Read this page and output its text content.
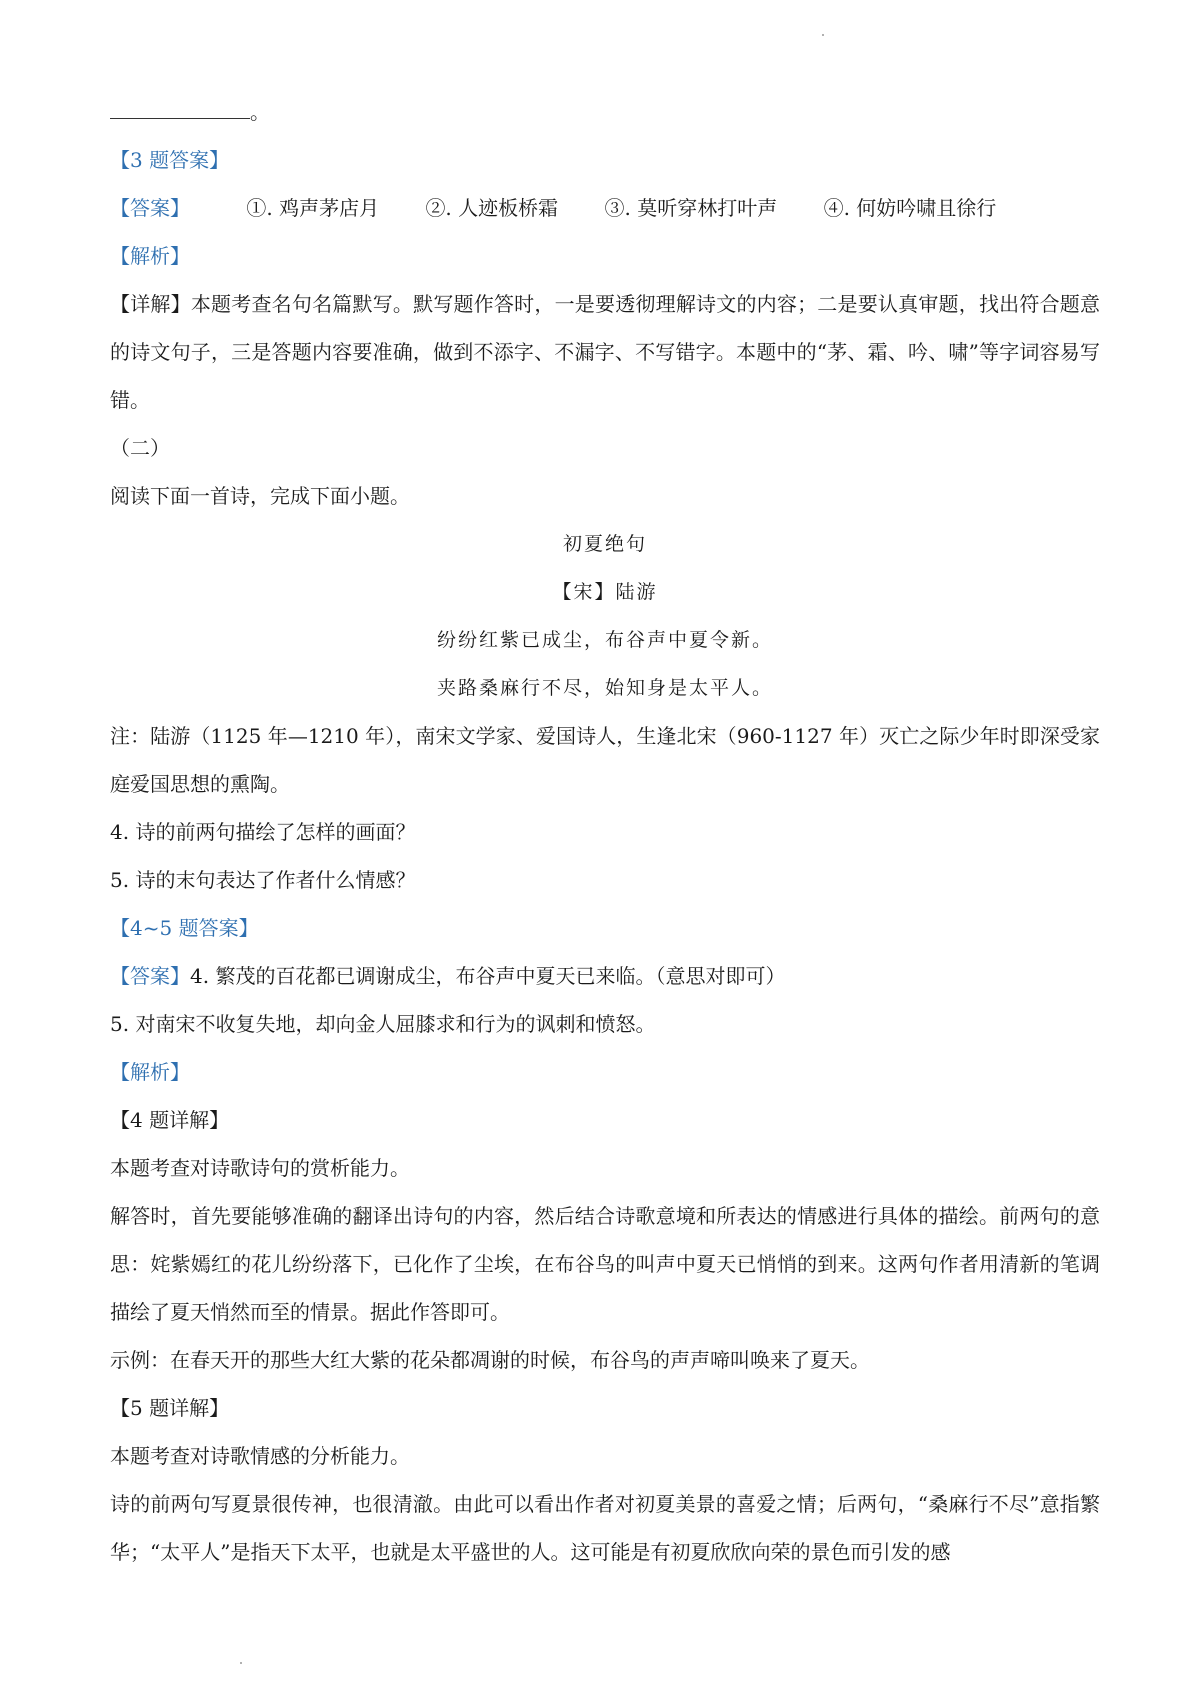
。
【3 题答案】
【答案】	①. 鸡声茅店月 ②. 人迹板桥霜 ③. 莫听穿林打叶声 ④. 何妨吟啸且徐行
【解析】
【详解】本题考查名句名篇默写。默写题作答时，一是要透彻理解诗文的内容；二是要认真审题，找出符合题意的诗文句子，三是答题内容要准确，做到不添字、不漏字、不写错字。本题中的“茅、霜、吟、啸”等字词容易写错。
（二）
阅读下面一首诗，完成下面小题。
初夏绝句
【宋】陆游
纷纷红紫已成尘，布谷声中夏令新。
夹路桑麻行不尽，始知身是太平人。
注：陆游（1125 年—1210 年），南宋文学家、爱国诗人，生逢北宋（960-1127 年）灭亡之际少年时即深受家庭爱国思想的熏陶。
4. 诗的前两句描绘了怎样的画面？
5. 诗的末句表达了作者什么情感？
【4~5 题答案】
【答案】4. 繁茂的百花都已调谢成尘，布谷声中夏天已来临。（意思对即可）
5. 对南宋不收复失地，却向金人屈膝求和行为的讽刺和愤怒。
【解析】
【4 题详解】
本题考查对诗歌诗句的赏析能力。
解答时，首先要能够准确的翻译出诗句的内容，然后结合诗歌意境和所表达的情感进行具体的描绘。前两句的意思：姹紫嫣红的花儿纷纷落下，已化作了尘埃，在布谷鸟的叫声中夏天已悄悄的到来。这两句作者用清新的笔调描绘了夏天悄然而至的情景。据此作答即可。
示例：在春天开的那些大红大紫的花朵都凋谢的时候，布谷鸟的声声啼叫唤来了夏天。
【5 题详解】
本题考查对诗歌情感的分析能力。
诗的前两句写夏景很传神，也很清澈。由此可以看出作者对初夏美景的喜爱之情；后两句，“桑麻行不尽”意指繁华；“太平人”是指天下太平，也就是太平盛世的人。这可能是有初夏欣欣向荣的景色而引发的感
